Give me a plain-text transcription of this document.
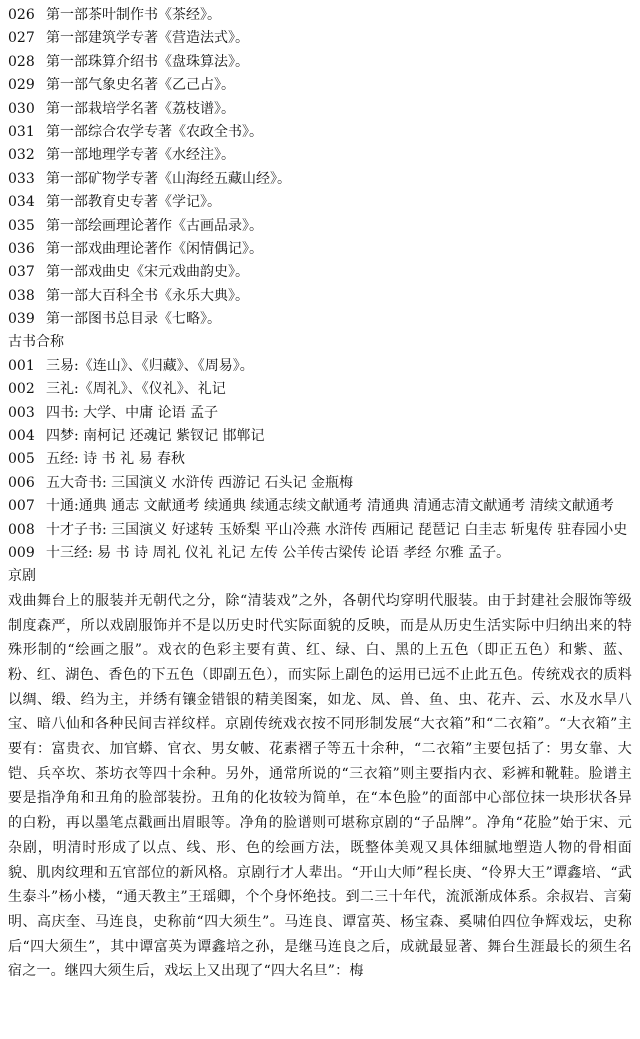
026 第一部茶叶制作书《茶经》。
027 第一部建筑学专著《营造法式》。
028 第一部珠算介绍书《盘珠算法》。
029 第一部气象史名著《乙己占》。
030 第一部栽培学名著《荔枝谱》。
031 第一部综合农学专著《农政全书》。
032 第一部地理学专著《水经注》。
033 第一部矿物学专著《山海经五藏山经》。
034 第一部教育史专著《学记》。
035 第一部绘画理论著作《古画品录》。
036 第一部戏曲理论著作《闲情偶记》。
037 第一部戏曲史《宋元戏曲韵史》。
038 第一部大百科全书《永乐大典》。
039 第一部图书总目录《七略》。
古书合称
001 三易:《连山》、《归藏》、《周易》。
002 三礼:《周礼》、《仪礼》、礼记
003 四书: 大学、中庸 论语 孟子
004 四梦: 南柯记 还魂记 紫钗记 邯郸记
005 五经: 诗 书 礼 易 春秋
006 五大奇书: 三国演义 水浒传 西游记 石头记 金瓶梅
007 十通:通典 通志 文献通考 续通典 续通志续文献通考 清通典 清通志清文献通考 清续文献通考
008 十才子书: 三国演义 好逑转 玉娇梨 平山冷燕 水浒传 西厢记 琵琶记 白圭志 斩鬼传 驻春园小史
009 十三经: 易 书 诗 周礼 仪礼 礼记 左传 公羊传古梁传 论语 孝经 尔雅 孟子。
京剧
戏曲舞台上的服装并无朝代之分，除“清装戏”之外，各朝代均穿明代服装。由于封建社会服饰等级制度森严，所以戏剧服饰并不是以历史时代实际面貌的反映，而是从历史生活实际中归纳出来的特殊形制的“绘画之服”。戏衣的色彩主要有黄、红、绿、白、黑的上五色（即正五色）和紫、蓝、粉、红、湖色、香色的下五色（即副五色），而实际上副色的运用已远不止此五色。传统戏衣的质料以绸、缎、绉为主，并绣有镶金错银的精美图案，如龙、凤、兽、鱼、虫、花卉、云、水及水旱八宝、暗八仙和各种民间吉祥纹样。京剧传统戏衣按不同形制发展“大衣箱”和“二衣箱”。“大衣箱”主要有：富贵衣、加官蟒、官衣、男女帔、花素褶子等五十余种，“二衣箱”主要包括了：男女靠、大铠、兵卒坎、茶坊衣等四十余种。另外，通常所说的“三衣箱”则主要指内衣、彩裤和靴鞋。脸谱主要是指净角和丑角的脸部装扮。丑角的化妆较为简单，在“本色脸”的面部中心部位抹一块形状各异的白粉，再以墨笔点戳画出眉眼等。净角的脸谱则可堪称京剧的“子品牌”。净角“花脸”始于宋、元杂剧，明清时形成了以点、线、形、色的绘画方法，既整体美观又具体细腻地塑造人物的骨相面貌、肌肉纹理和五官部位的新风格。京剧行才人辈出。“开山大师”程长庚、“伶界大王”谭鑫培、“武生泰斗”杨小楼，“通天教主”王瑶卿，个个身怀绝技。到二三十年代，流派渐成体系。余叔岩、言菊明、高庆奎、马连良，史称前“四大须生”。马连良、谭富英、杨宝森、奚啸伯四位争辉戏坛，史称后“四大须生”，其中谭富英为谭鑫培之孙，是继马连良之后，成就最显著、舞台生涯最长的须生名宿之一。继四大须生后，戏坛上又出现了“四大名旦”：梅
